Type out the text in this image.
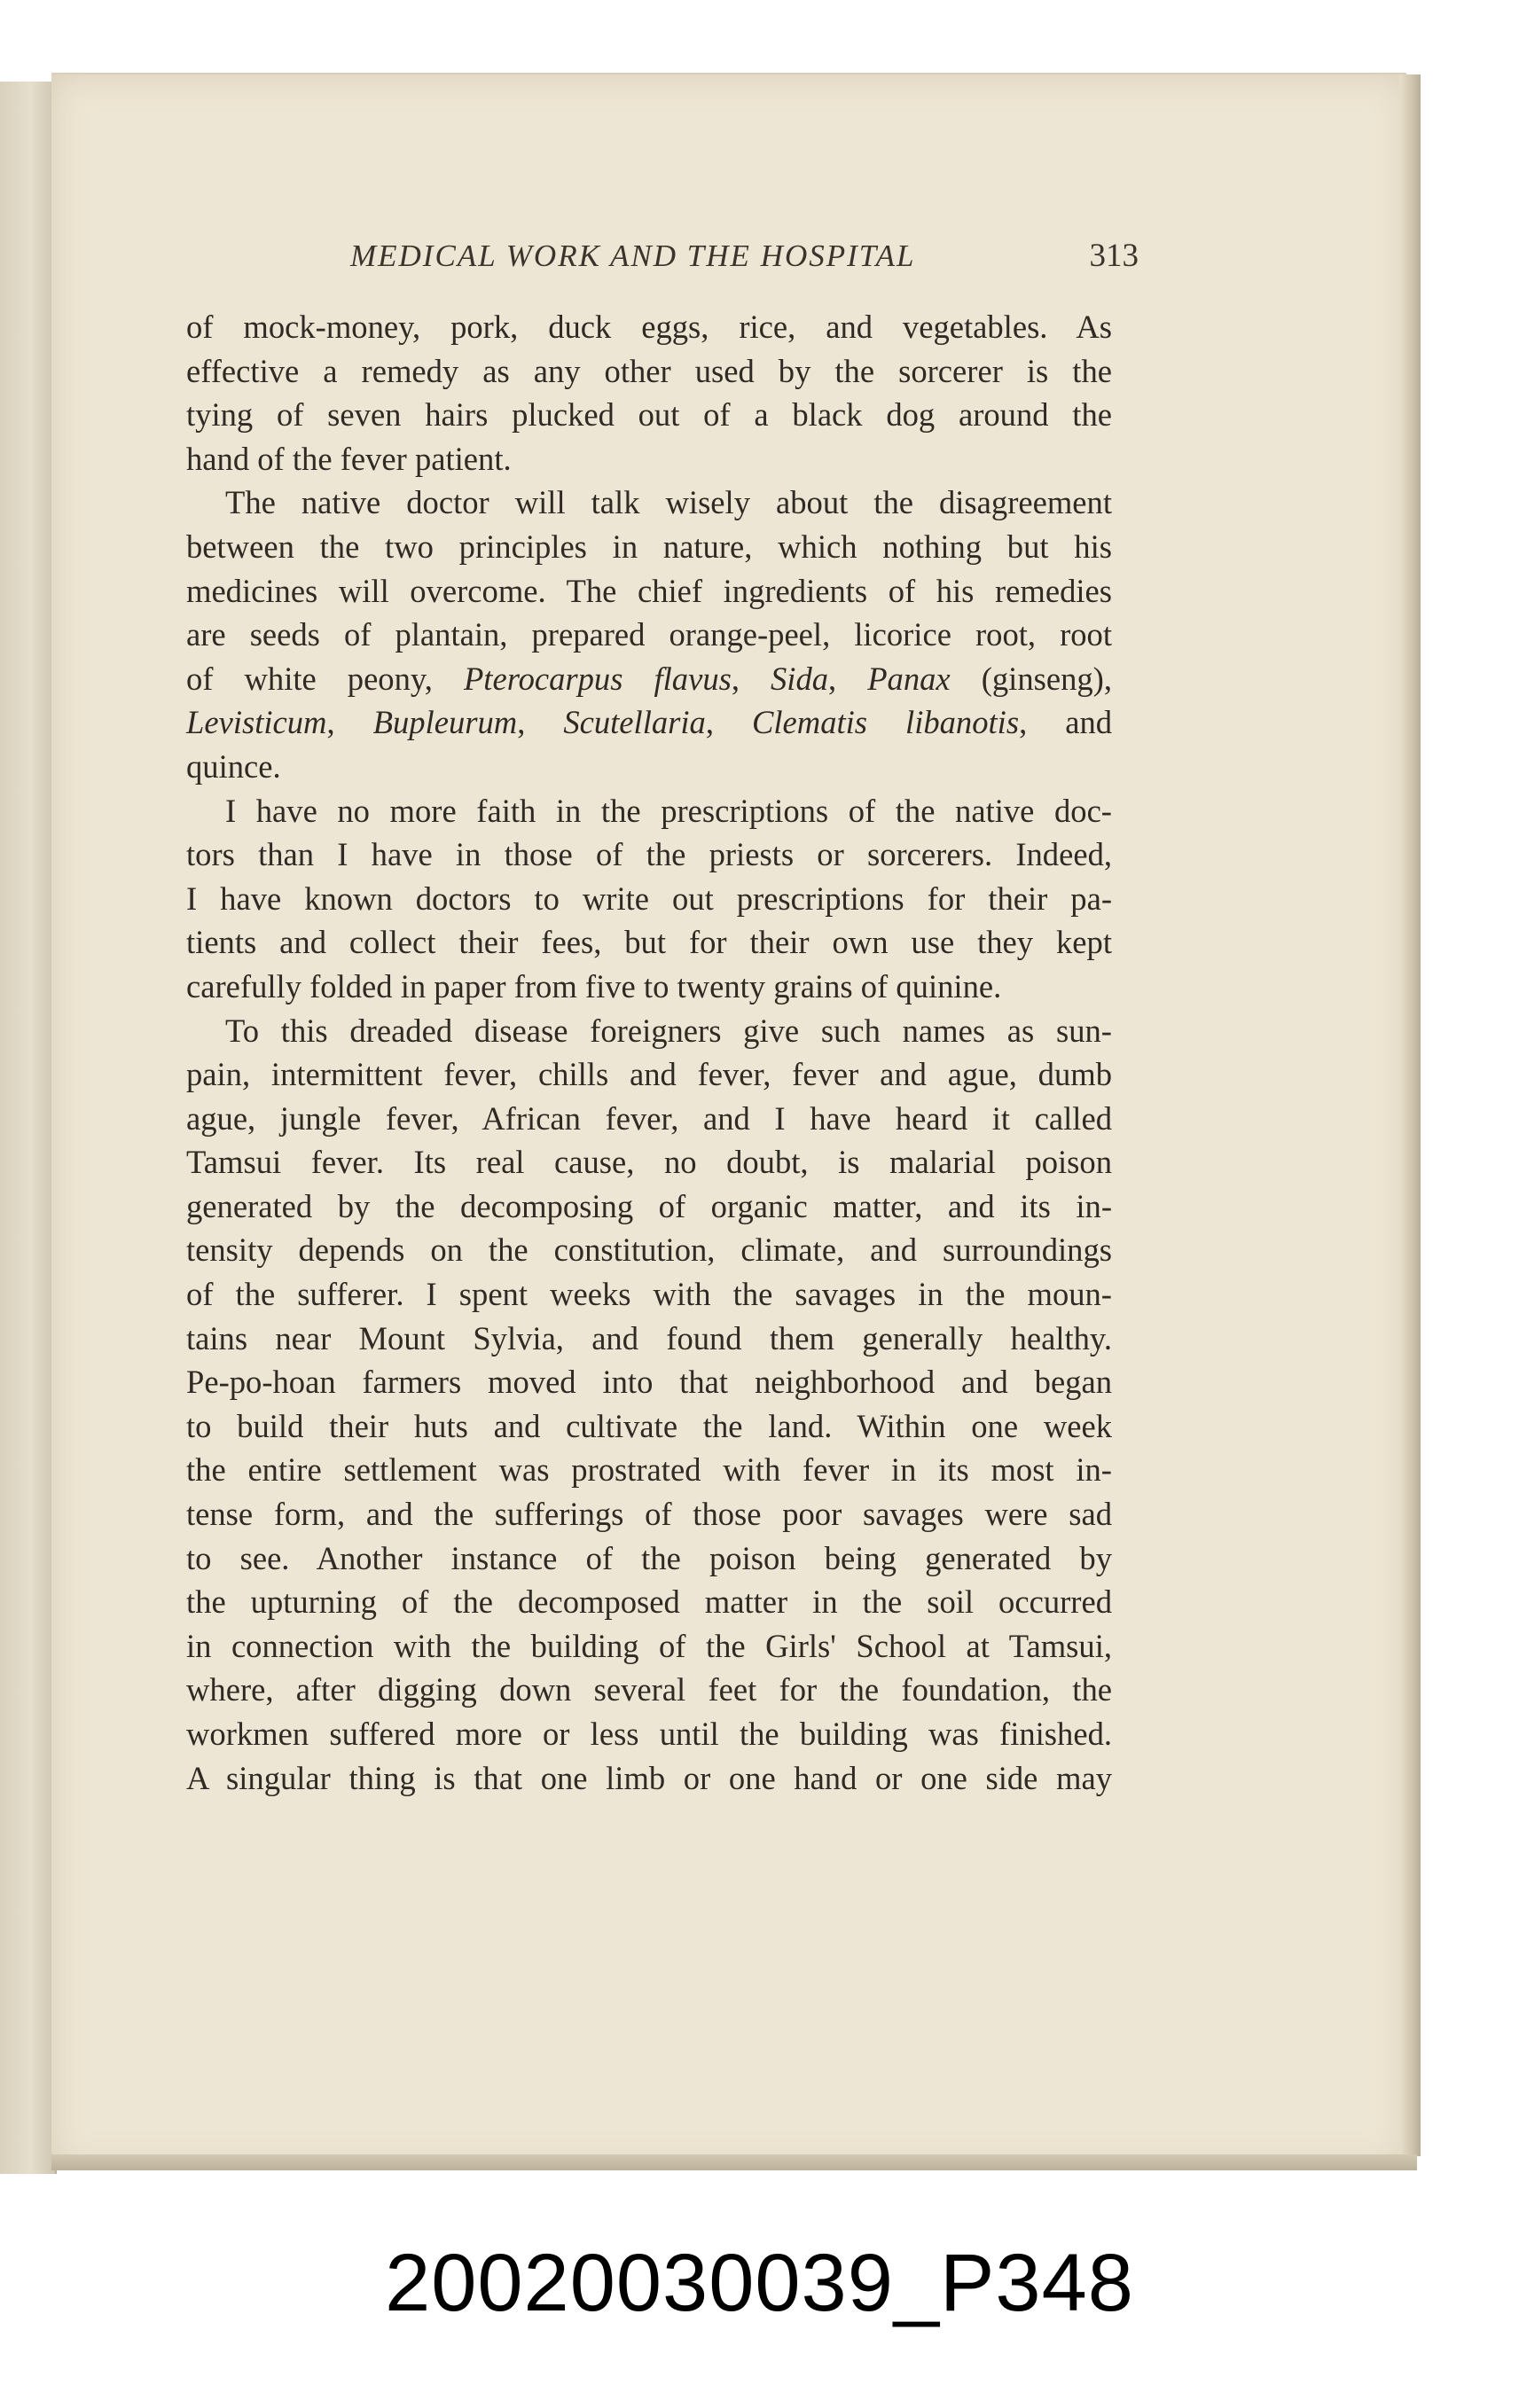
MEDICAL WORK AND THE HOSPITAL	313
of mock-money, pork, duck eggs, rice, and vegetables. As
effective a remedy as any other used by the sorcerer is the
tying of seven hairs plucked out of a black dog around the
hand of the fever patient.
The native doctor will talk wisely about the disagreement
between the two principles in nature, which nothing but his
medicines will overcome. The chief ingredients of his remedies
are seeds of plantain, prepared orange-peel, licorice root, root
of white peony, Pterocarpus flavus, Sida, Panax (ginseng),
Levisticum, Bupleurum, Scutellaria, Clematis libanotis, and
quince.
I have no more faith in the prescriptions of the native doc-
tors than I have in those of the priests or sorcerers. Indeed,
I have known doctors to write out prescriptions for their pa-
tients and collect their fees, but for their own use they kept
carefully folded in paper from five to twenty grains of quinine.
To this dreaded disease foreigners give such names as sun-
pain, intermittent fever, chills and fever, fever and ague, dumb
ague, jungle fever, African fever, and I have heard it called
Tamsui fever. Its real cause, no doubt, is malarial poison
generated by the decomposing of organic matter, and its in-
tensity depends on the constitution, climate, and surroundings
of the sufferer. I spent weeks with the savages in the moun-
tains near Mount Sylvia, and found them generally healthy.
Pe-po-hoan farmers moved into that neighborhood and began
to build their huts and cultivate the land. Within one week
the entire settlement was prostrated with fever in its most in-
tense form, and the sufferings of those poor savages were sad
to see. Another instance of the poison being generated by
the upturning of the decomposed matter in the soil occurred
in connection with the building of the Girls' School at Tamsui,
where, after digging down several feet for the foundation, the
workmen suffered more or less until the building was finished.
A singular thing is that one limb or one hand or one side may
20020030039_P348
